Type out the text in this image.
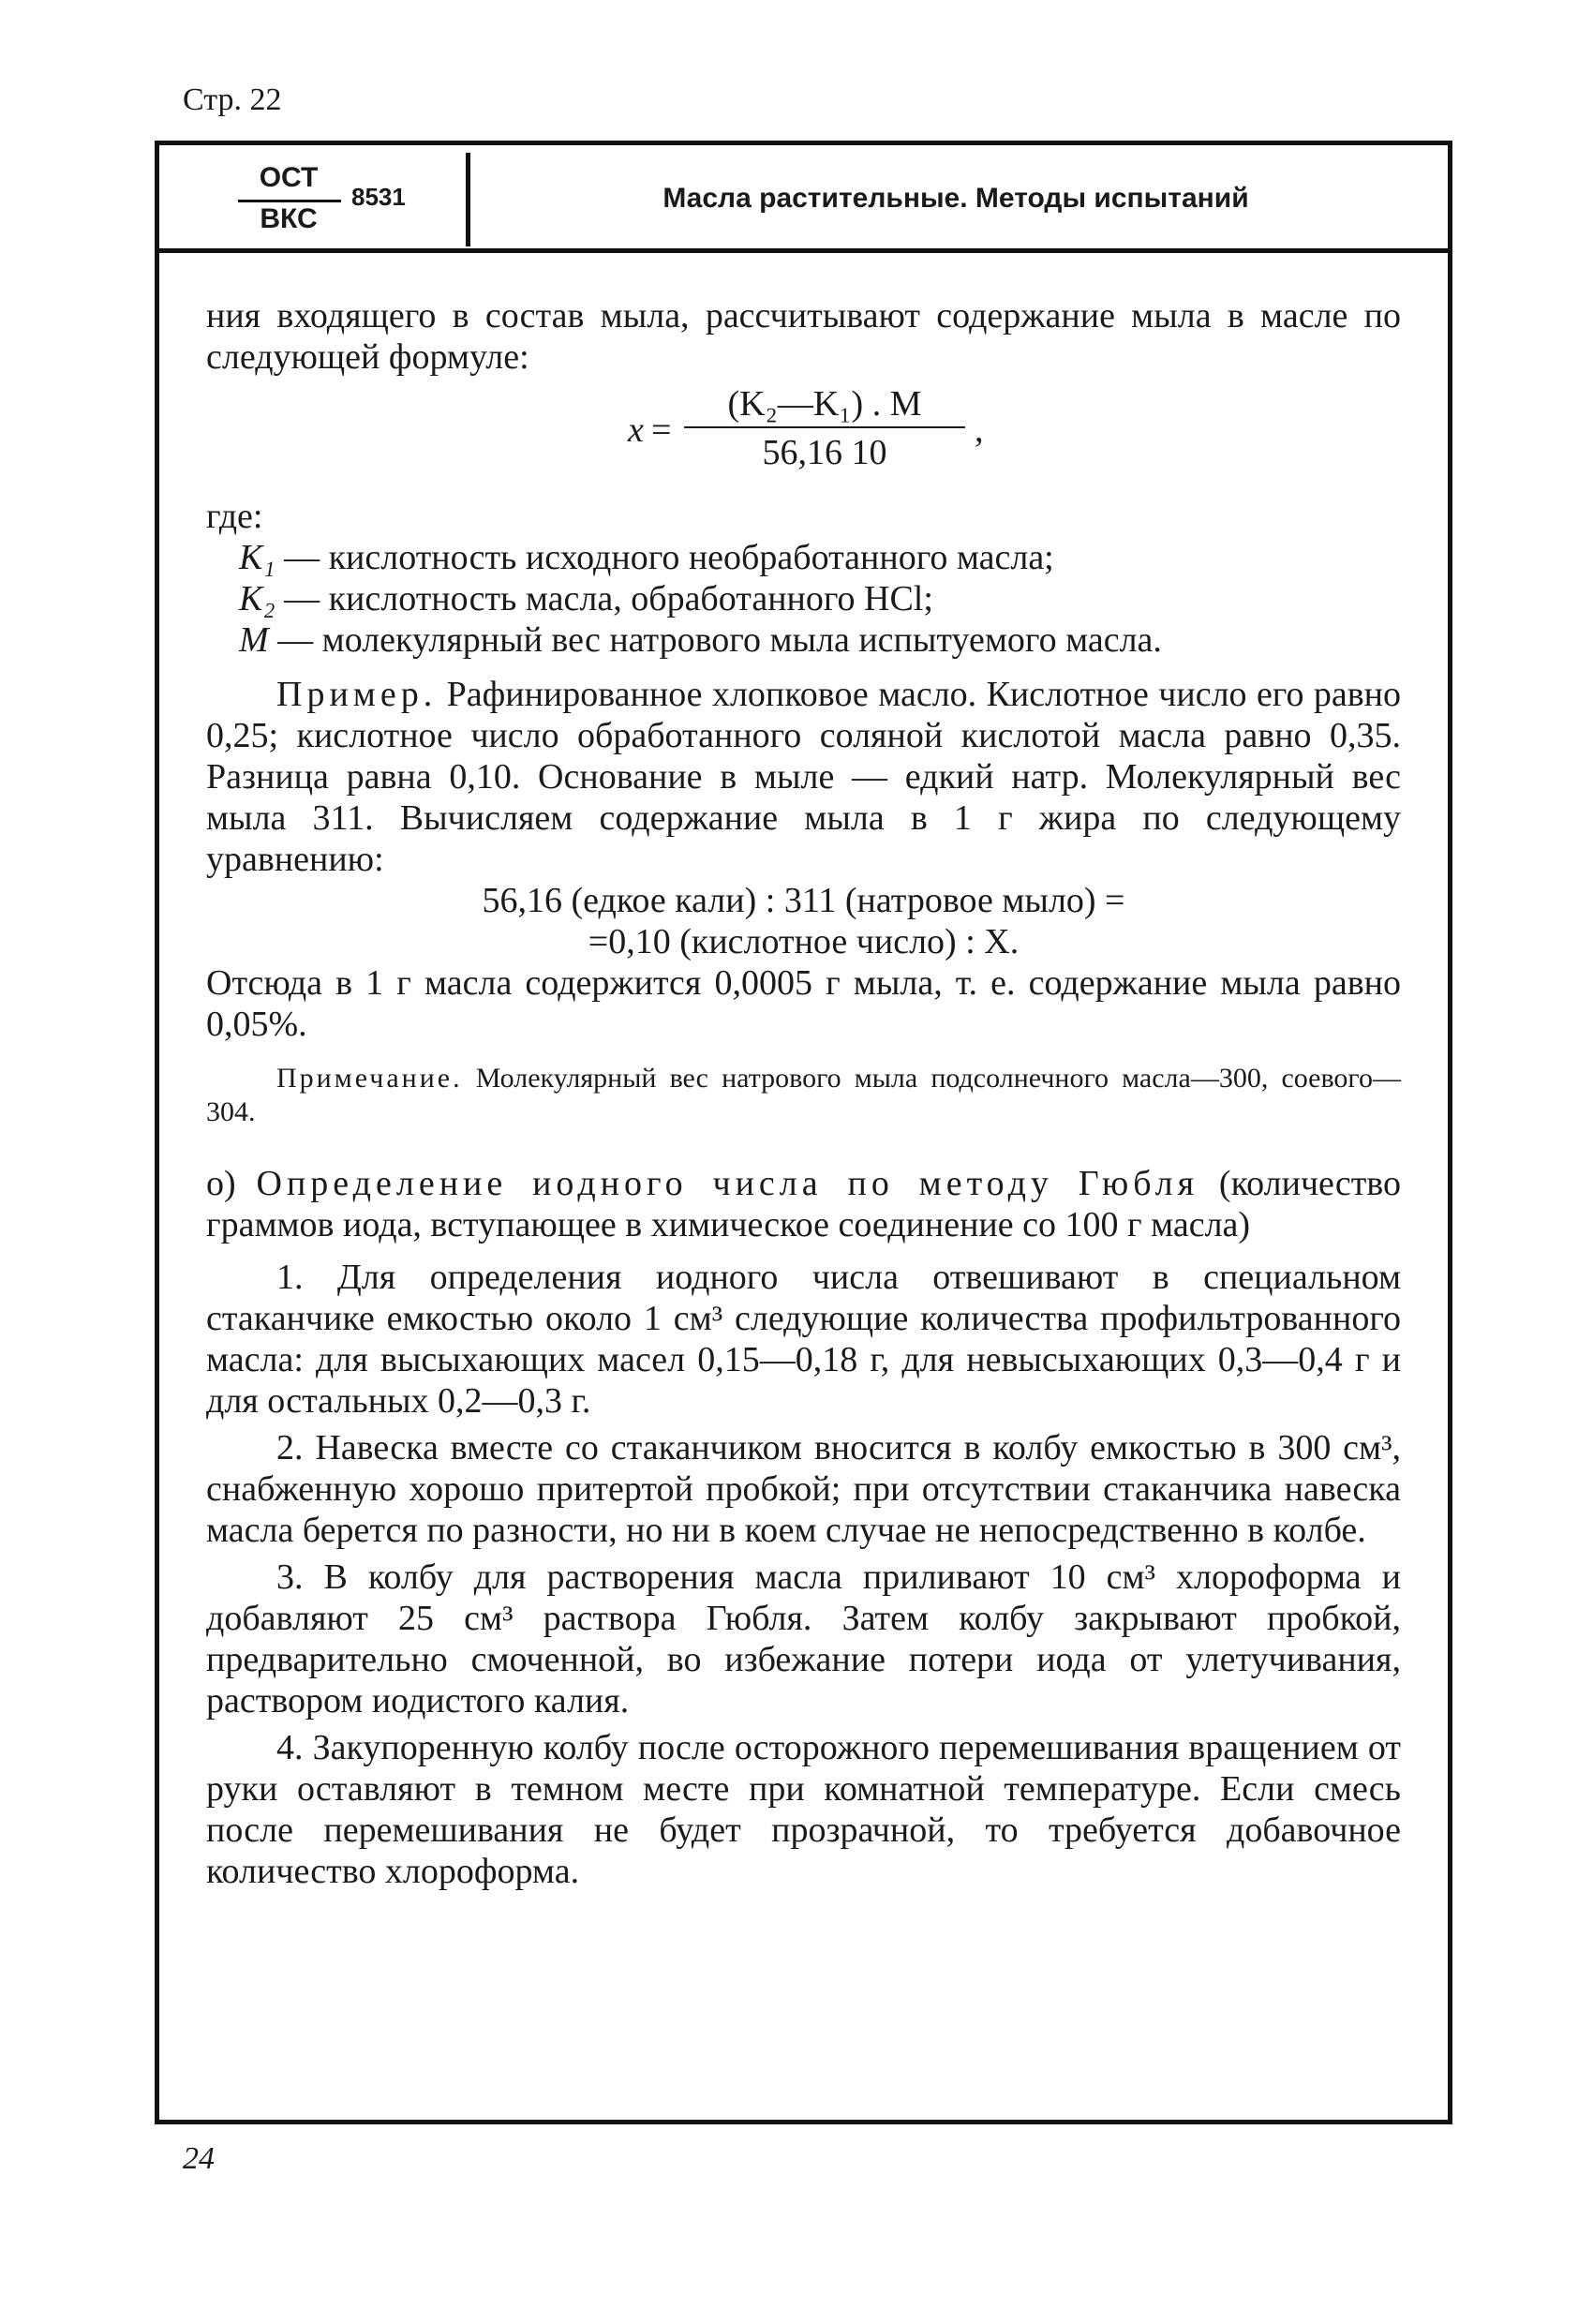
Стр. 22
ОСТ
ВКС
8531	Масла растительные. Методы испытаний

ния входящего в состав мыла, рассчитывают содержание мыла в масле по следующей формуле:

x =
(K₂—K₁) . M
56,16 10
,

где:

K₁ — кислотность исходного необработанного масла;

K₂ — кислотность масла, обработанного HCl;

M — молекулярный вес натрового мыла испытуемого масла.

Пример. Рафинированное хлопковое масло. Кислотное число его равно 0,25; кислотное число обработанного соляной кислотой масла равно 0,35. Разница равна 0,10. Основание в мыле — едкий натр. Молекулярный вес мыла 311. Вычисляем содержание мыла в 1 г жира по следующему уравнению:

56,16 (едкое кали) : 311 (натровое мыло) =

=0,10 (кислотное число) : X.

Отсюда в 1 г масла содержится 0,0005 г мыла, т. е. содержание мыла равно 0,05%.

Примечание. Молекулярный вес натрового мыла подсолнечного масла—300, соевого—304.

о) Определение иодного числа по методу Гюбля (количество граммов иода, вступающее в химическое соединение со 100 г масла)

1. Для определения иодного числа отвешивают в специальном стаканчике емкостью около 1 см³ следующие количества профильтрованного масла: для высыхающих масел 0,15—0,18 г, для невысыхающих 0,3—0,4 г и для остальных 0,2—0,3 г.

2. Навеска вместе со стаканчиком вносится в колбу емкостью в 300 см³, снабженную хорошо притертой пробкой; при отсутствии стаканчика навеска масла берется по разности, но ни в коем случае не непосредственно в колбе.

3. В колбу для растворения масла приливают 10 см³ хлороформа и добавляют 25 см³ раствора Гюбля. Затем колбу закрывают пробкой, предварительно смоченной, во избежание потери иода от улетучивания, раствором иодистого калия.

4. Закупоренную колбу после осторожного перемешивания вращением от руки оставляют в темном месте при комнатной температуре. Если смесь после перемешивания не будет прозрачной, то требуется добавочное количество хлороформа.

24
